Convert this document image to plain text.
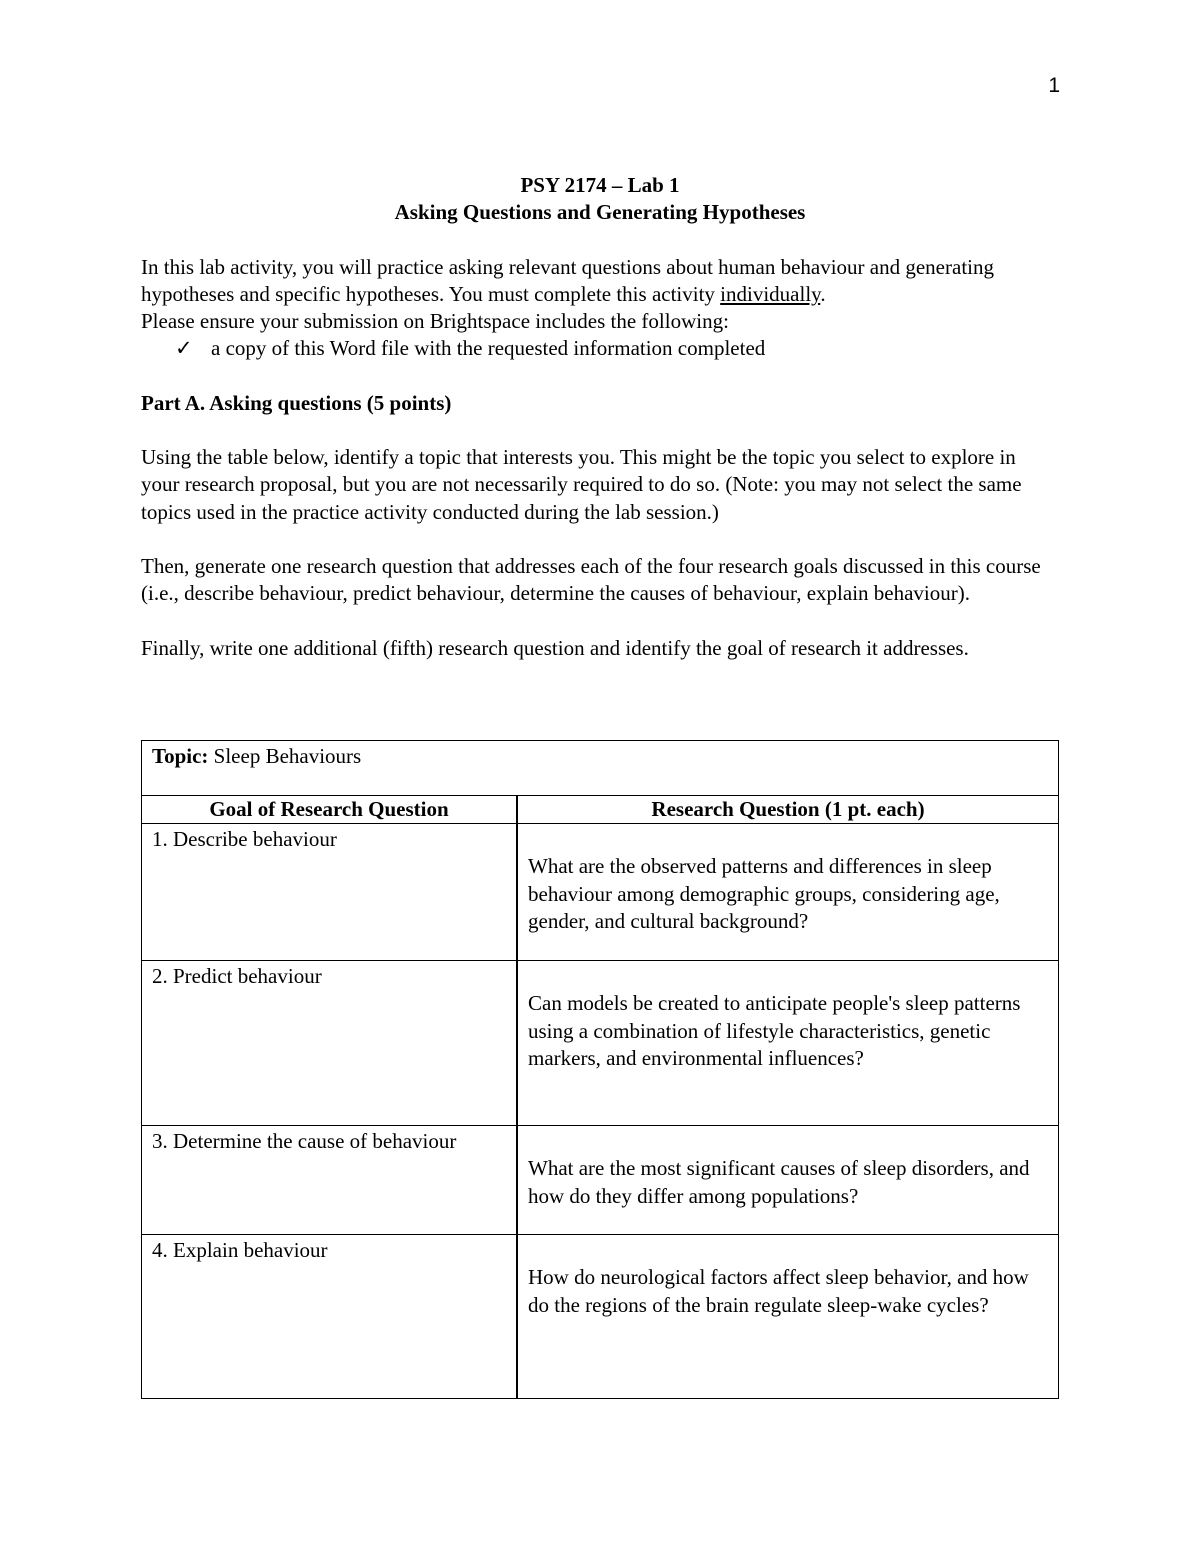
1
PSY 2174 – Lab 1
Asking Questions and Generating Hypotheses

In this lab activity, you will practice asking relevant questions about human behaviour and generating hypotheses and specific hypotheses. You must complete this activity individually.

Please ensure your submission on Brightspace includes the following:

✓ a copy of this Word file with the requested information completed
Part A. Asking questions (5 points)

Using the table below, identify a topic that interests you. This might be the topic you select to explore in your research proposal, but you are not necessarily required to do so. (Note: you may not select the same topics used in the practice activity conducted during the lab session.)

Then, generate one research question that addresses each of the four research goals discussed in this course (i.e., describe behaviour, predict behaviour, determine the causes of behaviour, explain behaviour).

Finally, write one additional (fifth) research question and identify the goal of research it addresses.

Topic: Sleep Behaviours	
Goal of Research Question	Research Question (1 pt. each)
1. Describe behaviour	What are the observed patterns and differences in sleep behaviour among demographic groups, considering age, gender, and cultural background?

2. Predict behaviour	Can models be created to anticipate people's sleep patterns using a combination of lifestyle characteristics, genetic markers, and environmental influences?

3. Determine the cause of behaviour	What are the most significant causes of sleep disorders, and how do they differ among populations?

4. Explain behaviour	How do neurological factors affect sleep behavior, and how do the regions of the brain regulate sleep-wake cycles?
